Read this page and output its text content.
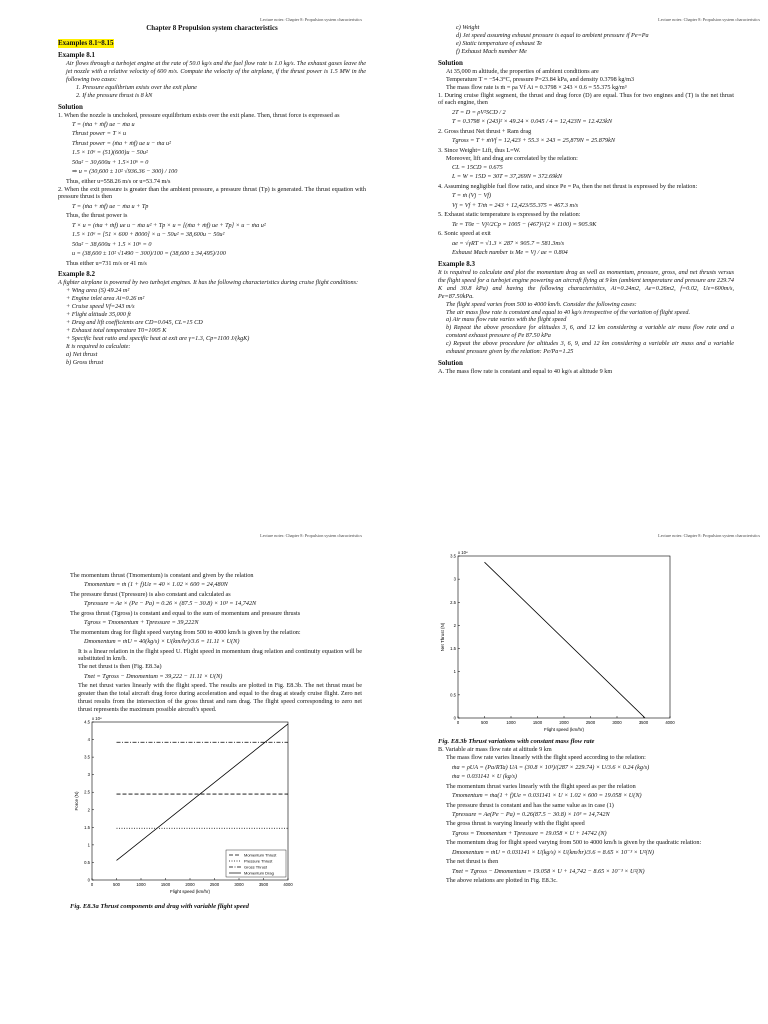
Lecture notes: Chapter 8: Propulsion system characteristics
Chapter 8 Propulsion system characteristics
Examples 8.1~8.15
Example 8.1

Air flows through a turbojet engine at the rate of 50.0 kg/s and the fuel flow rate is 1.0 kg/s. The exhaust gases leave the jet nozzle with a relative velocity of 600 m/s. Compute the velocity of the airplane, if the thrust power is 1.5 MW in the following two cases:

1. Pressure equilibrium exists over the exit plane

2. If the pressure thrust is 8 kN

Solution

1. When the nozzle is unchoked, pressure equilibrium exists over the exit plane. Then, thrust force is expressed as

T = (ṁa + ṁf) ue − ṁa u

Thrust power = T × u

Thrust power = (ṁa + ṁf) ue u − ṁa u²

1.5 × 10⁶ = (51)(600)u − 50u²

50u² − 30,600u + 1.5×10⁶ = 0

⇒ u = (30,600 ± 10² √936.36 − 300) / 100

Thus, either u=558.26 m/s or u=53.74 m/s

2. When the exit pressure is greater than the ambient pressure, a pressure thrust (Tp) is generated. The thrust equation with pressure thrust is then

T = (ṁa + ṁf) ue − ṁa u + Tp

Thus, the thrust power is

T × u = (ṁa + ṁf) ue u − ṁa u² + Tp × u = [(ṁa + ṁf) ue + Tp] × u − ṁa u²

1.5 × 10⁶ = [51 × 600 + 8000] × u − 50u² = 38,600u − 50u²

50u² − 38,600u + 1.5 × 10⁶ = 0

u = (38,600 ± 10² √1490 − 300)/100 = (38,600 ± 34,495)/100

Thus either u=731 m/s or 41 m/s

Example 8.2

A fighter airplane is powered by two turbojet engines. It has the following characteristics during cruise flight conditions:

+ Wing area (S) 49.24 m²

+ Engine inlet area Ai=0.26 m²

+ Cruise speed Vf=243 m/s

+ Flight altitude 35,000 ft

+ Drag and lift coefficients are CD=0.045, CL=15 CD

+ Exhaust total temperature T0=1005 K

+ Specific heat ratio and specific heat at exit are γ=1.3, Cp=1100 J/(kgK)

It is required to calculate:

a) Net thrust

b) Gross thrust

Lecture notes: Chapter 8: Propulsion system characteristics

c) Weight

d) Jet speed assuming exhaust pressure is equal to ambient pressure if Pe=Pa

e) Static temperature of exhaust Te

f) Exhaust Mach number Me

Solution

At 35,000 m altitude, the properties of ambient conditions are

Temperature T = −54.3°C, pressure P=23.84 kPa, and density 0.3798 kg/m3

The mass flow rate is ṁ = ρa Vf Ai = 0.3798 × 243 × 0.6 = 55.375 kg/m³

1. During cruise flight segment, the thrust and drag force (D) are equal. Thus for two engines and (T) is the net thrust of each engine, then

2T = D = ρV²SCD / 2

T = 0.3798 × (243)² × 49.24 × 0.045 / 4 = 12,423N = 12.423kN

2. Gross thrust Net thrust + Ram drag

Tgross = T + ṁVf = 12,423 + 55.3 × 243 = 25,879N = 25.879kN

3. Since Weight= Lift, thus L=W.

Moreover, lift and drag are correlated by the relation:

CL = 15CD = 0.675

L = W = 15D = 30T = 37,269N = 372.69kN

4. Assuming negligible fuel flow ratio, and since Pe = Pa, then the net thrust is expressed by the relation:

T = ṁ (Vj − Vf)

Vj = Vf + T/ṁ = 243 + 12,423/55.375 = 467.3 m/s

5. Exhaust static temperature is expressed by the relation:

Te = T0e − Vj²/2Cp = 1005 − (467)²/(2 × 1100) = 905.9K

6. Sonic speed at exit

ae = √γRT = √1.3 × 287 × 905.7 = 581.3m/s

Exhaust Mach number is Me = Vj / ae = 0.804

Example 8.3

It is required to calculate and plot the momentum drag as well as momentum, pressure, gross, and net thrusts versus the flight speed for a turbojet engine powering an aircraft flying at 9 km (ambient temperature and pressure are 229.74 K and 30.8 kPa) and having the following characteristics, Ai=0.24m2, Ae=0.26m2, f=0.02, Ue=600m/s, Pe=87.50kPa.

The flight speed varies from 500 to 4000 km/h. Consider the following cases:

The air mass flow rate is constant and equal to 40 kg/s irrespective of the variation of flight speed.

a) Air mass flow rate varies with the flight speed

b) Repeat the above procedure for altitudes 3, 6, and 12 km considering a variable air mass flow rate and a constant exhaust pressure of Pe 87.50 kPa

c) Repeat the above procedure for altitudes 3, 6, 9, and 12 km considering a variable air mass and a variable exhaust pressure given by the relation: Pe/Pa=1.25

Solution

A. The mass flow rate is constant and equal to 40 kg/s at altitude 9 km

Lecture notes: Chapter 8: Propulsion system characteristics

The momentum thrust (Tmomentum) is constant and given by the relation

Tmomentum = ṁ (1 + f)Ue = 40 × 1.02 × 600 = 24,480N

The pressure thrust (Tpressure) is also constant and calculated as

Tpressure = Ae × (Pe − Pa) = 0.26 × (87.5 − 30.8) × 10³ = 14,742N

The gross thrust (Tgross) is constant and equal to the sum of momentum and pressure thrusts

Tgross = Tmomentum + Tpressure = 39,222N

The momentum drag for flight speed varying from 500 to 4000 km/h is given by the relation:

Dmomentum = ṁU = 40(kg/s) × U(km/hr)/3.6 = 11.11 × U(N)

It is a linear relation in the flight speed U. Flight speed in momentum drag relation and continuity equation will be substituted in km/h.

The net thrust is then (Fig. E8.3a)

Tnet = Tgross − Dmomentum = 39,222 − 11.11 × U(N)

The net thrust varies linearly with the flight speed. The results are plotted in Fig. E8.3b. The net thrust must be greater than the total aircraft drag force during acceleration and equal to the drag at steady cruise flight. Zero net thrust results from the intersection of the gross thrust and ram drag. The flight speed corresponding to zero net thrust represents the maximum possible aircraft's speed.

0	500	1000	1500	2000	2500	3000	3500	4000
0
0.5
1
1.5
2
2.5
3
3.5
4
4.5
x 10⁴
Flight speed (km/hr)
Force (N)
Momentum Thrust
Pressure Thrust
Gross Thrust
Momentum Drag
Fig. E8.3a Thrust components and drag with variable flight speed
Lecture notes: Chapter 8: Propulsion system characteristics
0	500	1000	1500	2000	2500	3000	3500	4000
0
0.5
1
1.5
2
2.5
3
3.5
x 10⁴
Flight speed (km/hr)
Net Thrust (N)
Fig. E8.3b Thrust variations with constant mass flow rate

B. Variable air mass flow rate at altitude 9 km

The mass flow rate varies linearly with the flight speed according to the relation:

ṁa = ρUA = (Pa/RTa) UA = (30.8 × 10³)/(287 × 229.74) × U/3.6 × 0.24 (kg/s)

ṁa = 0.031141 × U (kg/s)

The momentum thrust varies linearly with the flight speed as per the relation

Tmomentum = ṁa(1 + f)Ue = 0.031141 × U × 1.02 × 600 = 19.058 × U(N)

The pressure thrust is constant and has the same value as in case (1)

Tpressure = Ae(Pe − Pa) = 0.26(87.5 − 30.8) × 10³ = 14,742N

The gross thrust is varying linearly with the flight speed

Tgross = Tmomentum + Tpressure = 19.058 × U + 14742 (N)

The momentum drag for flight speed varying from 500 to 4000 km/h is given by the quadratic relation:

Dmomentum = ṁU = 0.031141 × U(kg/s) × U(km/hr)/3.6 = 8.65 × 10⁻³ × U²(N)

The net thrust is then

Tnet = Tgross − Dmomentum = 19.058 × U + 14,742 − 8.65 × 10⁻³ × U²(N)

The above relations are plotted in Fig. E8.3c.
